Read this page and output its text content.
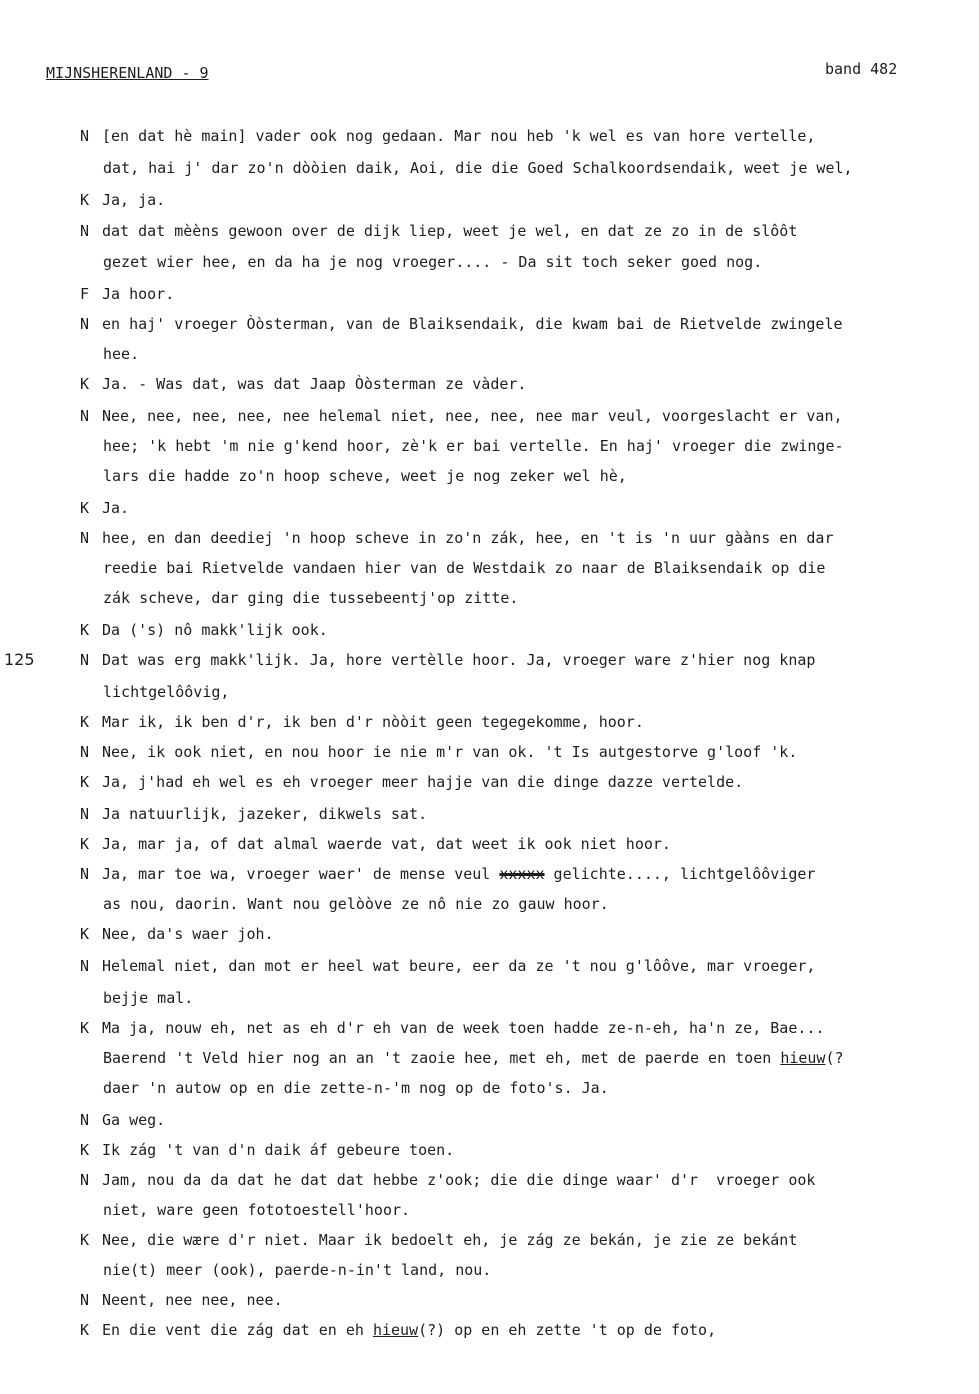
MIJNSHERENLAND - 9	band 482
N [en dat hè main] vader ook nog gedaan. Mar nou heb 'k wel es van hore vertelle,
dat, hai j' dar zo'n dòòien daik, Aoi, die die Goed Schalkoordsendaik, weet je wel,
K Ja, ja.
N dat dat mèèns gewoon over de dijk liep, weet je wel, en dat ze zo in de slôôt
gezet wier hee, en da ha je nog vroeger.... - Da sit toch seker goed nog.
F Ja hoor.
N en haj' vroeger Òòsterman, van de Blaiksendaik, die kwam bai de Rietvelde zwingele
hee.
K Ja. - Was dat, was dat Jaap Òòsterman ze vàder.
N Nee, nee, nee, nee, nee helemal niet, nee, nee, nee mar veul, voorgeslacht er van,
hee; 'k hebt 'm nie g'kend hoor, zè'k er bai vertelle. En haj' vroeger die zwinge-
lars die hadde zo'n hoop scheve, weet je nog zeker wel hè,
K Ja.
N hee, en dan deediej 'n hoop scheve in zo'n zák, hee, en 't is 'n uur gààns en dar
reedie bai Rietvelde vandaen hier van de Westdaik zo naar de Blaiksendaik op die
zák scheve, dar ging die tussebeentj'op zitte.
K Da ('s) nô makk'lijk ook.
125	N Dat was erg makk'lijk. Ja, hore vertèlle hoor. Ja, vroeger ware z'hier nog knap
lichtgelôôvig,
K Mar ik, ik ben d'r, ik ben d'r nòòit geen tegegekomme, hoor.
N Nee, ik ook niet, en nou hoor ie nie m'r van ok. 't Is autgestorve g'loof 'k.
K Ja, j'had eh wel es eh vroeger meer hajje van die dinge dazze vertelde.
N Ja natuurlijk, jazeker, dikwels sat.
K Ja, mar ja, of dat almal waerde vat, dat weet ik ook niet hoor.
N Ja, mar toe wa, vroeger waer' de mense veul xxxxx gelichte...., lichtgelôôviger
as nou, daorin. Want nou gelòòve ze nô nie zo gauw hoor.
K Nee, da's waer joh.
N Helemal niet, dan mot er heel wat beure, eer da ze 't nou g'lôôve, mar vroeger,
bejje mal.
K Ma ja, nouw eh, net as eh d'r eh van de week toen hadde ze-n-eh, ha'n ze, Bae...
Baerend 't Veld hier nog an an 't zaoie hee, met eh, met de paerde en toen hieuw(?
daer 'n autow op en die zette-n-'m nog op de foto's. Ja.
N Ga weg.
K Ik zág 't van d'n daik áf gebeure toen.
N Jam, nou da da dat he dat dat hebbe z'ook; die die dinge waar' d'r  vroeger ook
niet, ware geen fototoestell'hoor.
K Nee, die wære d'r niet. Maar ik bedoelt eh, je zág ze bekán, je zie ze bekánt
nie(t) meer (ook), paerde-n-in't land, nou.
N Neent, nee nee, nee.
K En die vent die zág dat en eh hieuw(?) op en eh zette 't op de foto,
